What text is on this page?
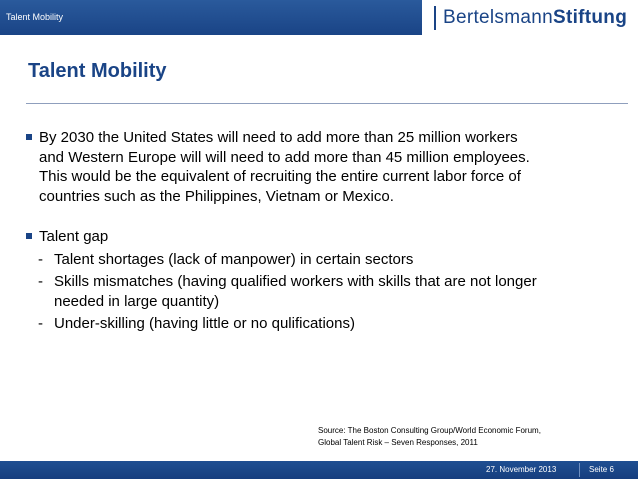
Talent Mobility	BertelsmannStiftung
Talent Mobility
By 2030 the United States will need to add more than 25 million workers
and Western Europe will will need to add more than 45 million employees.
This would be the equivalent of recruiting the entire current labor force of
countries such as the Philippines, Vietnam or Mexico.
Talent gap
- Talent shortages (lack of manpower) in certain sectors
- Skills mismatches (having qualified workers with skills that are not longer
needed in large quantity)
- Under-skilling (having little or no qulifications)
Source: The Boston Consulting Group/World Economic Forum,
Global Talent Risk – Seven Responses, 2011
27. November 2013	Seite 6
